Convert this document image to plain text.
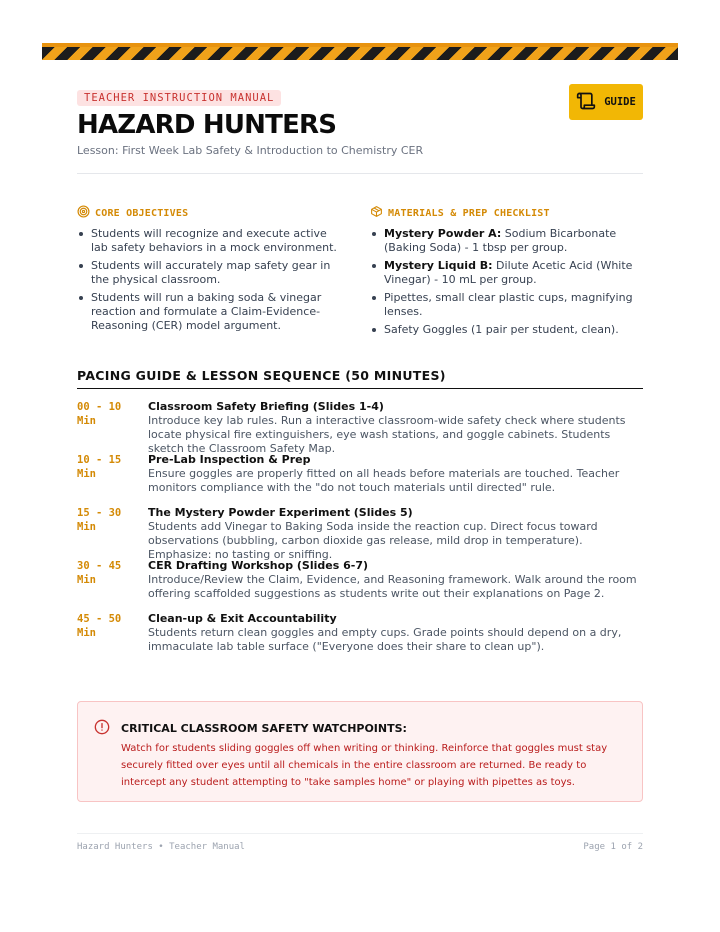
TEACHER INSTRUCTION MANUAL
HAZARD HUNTERS
Lesson: First Week Lab Safety & Introduction to Chemistry CER
GUIDE
CORE OBJECTIVES
Students will recognize and execute active lab safety behaviors in a mock environment.
Students will accurately map safety gear in the physical classroom.
Students will run a baking soda & vinegar reaction and formulate a Claim-Evidence-Reasoning (CER) model argument.
MATERIALS & PREP CHECKLIST
Mystery Powder A: Sodium Bicarbonate (Baking Soda) - 1 tbsp per group.
Mystery Liquid B: Dilute Acetic Acid (White Vinegar) - 10 mL per group.
Pipettes, small clear plastic cups, magnifying lenses.
Safety Goggles (1 pair per student, clean).
PACING GUIDE & LESSON SEQUENCE (50 MINUTES)
00 - 10
Min
Classroom Safety Briefing (Slides 1-4)
Introduce key lab rules. Run a interactive classroom-wide safety check where students locate physical fire extinguishers, eye wash stations, and goggle cabinets. Students sketch the Classroom Safety Map.
10 - 15
Min
Pre-Lab Inspection & Prep
Ensure goggles are properly fitted on all heads before materials are touched. Teacher monitors compliance with the "do not touch materials until directed" rule.
15 - 30
Min
The Mystery Powder Experiment (Slides 5)
Students add Vinegar to Baking Soda inside the reaction cup. Direct focus toward observations (bubbling, carbon dioxide gas release, mild drop in temperature). Emphasize: no tasting or sniffing.
30 - 45
Min
CER Drafting Workshop (Slides 6-7)
Introduce/Review the Claim, Evidence, and Reasoning framework. Walk around the room offering scaffolded suggestions as students write out their explanations on Page 2.
45 - 50
Min
Clean-up & Exit Accountability
Students return clean goggles and empty cups. Grade points should depend on a dry, immaculate lab table surface ("Everyone does their share to clean up").
CRITICAL CLASSROOM SAFETY WATCHPOINTS:
Watch for students sliding goggles off when writing or thinking. Reinforce that goggles must stay securely fitted over eyes until all chemicals in the entire classroom are returned. Be ready to intercept any student attempting to "take samples home" or playing with pipettes as toys.
Hazard Hunters • Teacher Manual	Page 1 of 2
